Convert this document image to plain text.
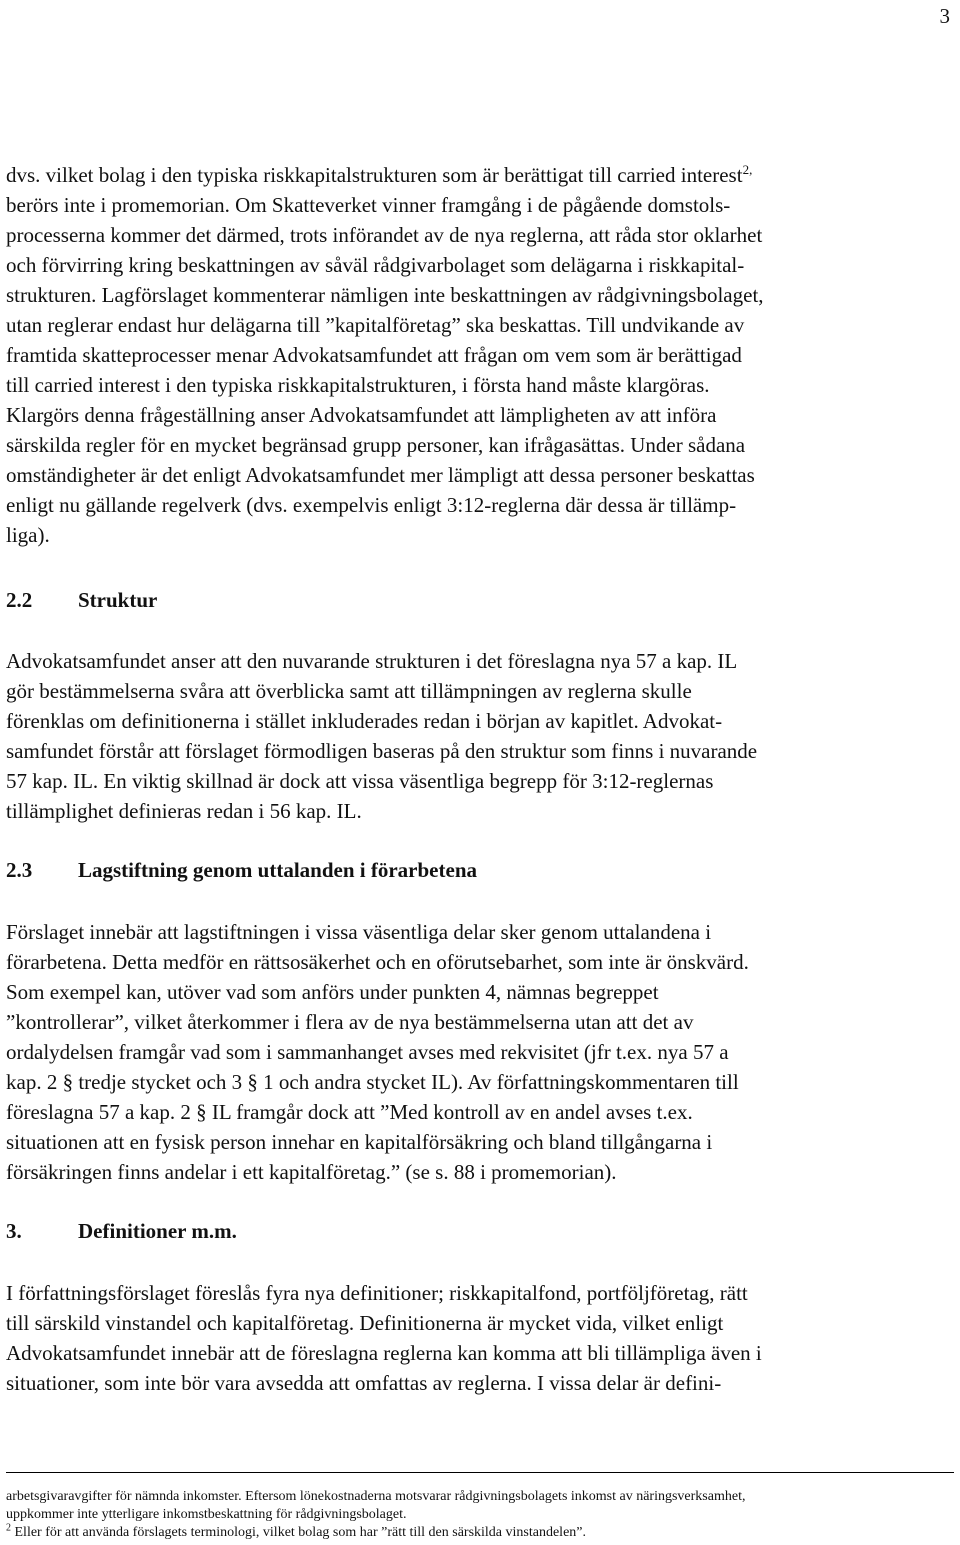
3
dvs. vilket bolag i den typiska riskkapitalstrukturen som är berättigat till carried interest$^{2,}$
berörs inte i promemorian. Om Skatteverket vinner framgång i de pågående domstols-
processerna kommer det därmed, trots införandet av de nya reglerna, att råda stor oklarhet
och förvirring kring beskattningen av såväl rådgivarbolaget som delägarna i riskkapital-
strukturen. Lagförslaget kommenterar nämligen inte beskattningen av rådgivningsbolaget,
utan reglerar endast hur delägarna till ”kapitalföretag” ska beskattas. Till undvikande av
framtida skatteprocesser menar Advokatsamfundet att frågan om vem som är berättigad
till carried interest i den typiska riskkapitalstrukturen, i första hand måste klargöras.
Klargörs denna frågeställning anser Advokatsamfundet att lämpligheten av att införa
särskilda regler för en mycket begränsad grupp personer, kan ifrågasättas. Under sådana
omständigheter är det enligt Advokatsamfundet mer lämpligt att dessa personer beskattas
enligt nu gällande regelverk (dvs. exempelvis enligt 3:12-reglerna där dessa är tillämp-
liga).
2.2 Struktur
Advokatsamfundet anser att den nuvarande strukturen i det föreslagna nya 57 a kap. IL
gör bestämmelserna svåra att överblicka samt att tillämpningen av reglerna skulle
förenklas om definitionerna i stället inkluderades redan i början av kapitlet. Advokat-
samfundet förstår att förslaget förmodligen baseras på den struktur som finns i nuvarande
57 kap. IL. En viktig skillnad är dock att vissa väsentliga begrepp för 3:12-reglernas
tillämplighet definieras redan i 56 kap. IL.
2.3 Lagstiftning genom uttalanden i förarbetena
Förslaget innebär att lagstiftningen i vissa väsentliga delar sker genom uttalandena i
förarbetena. Detta medför en rättsosäkerhet och en oförutsebarhet, som inte är önskvärd.
Som exempel kan, utöver vad som anförs under punkten 4, nämnas begreppet
”kontrollerar”, vilket återkommer i flera av de nya bestämmelserna utan att det av
ordalydelsen framgår vad som i sammanhanget avses med rekvisitet (jfr t.ex. nya 57 a
kap. 2 § tredje stycket och 3 § 1 och andra stycket IL). Av författningskommentaren till
föreslagna 57 a kap. 2 § IL framgår dock att ”Med kontroll av en andel avses t.ex.
situationen att en fysisk person innehar en kapitalförsäkring och bland tillgångarna i
försäkringen finns andelar i ett kapitalföretag.” (se s. 88 i promemorian).
3.	Definitioner m.m.
I författningsförslaget föreslås fyra nya definitioner; riskkapitalfond, portföljföretag, rätt
till särskild vinstandel och kapitalföretag. Definitionerna är mycket vida, vilket enligt
Advokatsamfundet innebär att de föreslagna reglerna kan komma att bli tillämpliga även i
situationer, som inte bör vara avsedda att omfattas av reglerna. I vissa delar är defini-
arbetsgivaravgifter för nämnda inkomster. Eftersom lönekostnaderna motsvarar rådgivningsbolagets inkomst av näringsverksamhet,
uppkommer inte ytterligare inkomstbeskattning för rådgivningsbolaget.
$^2$ Eller för att använda förslagets terminologi, vilket bolag som har ”rätt till den särskilda vinstandelen”.
